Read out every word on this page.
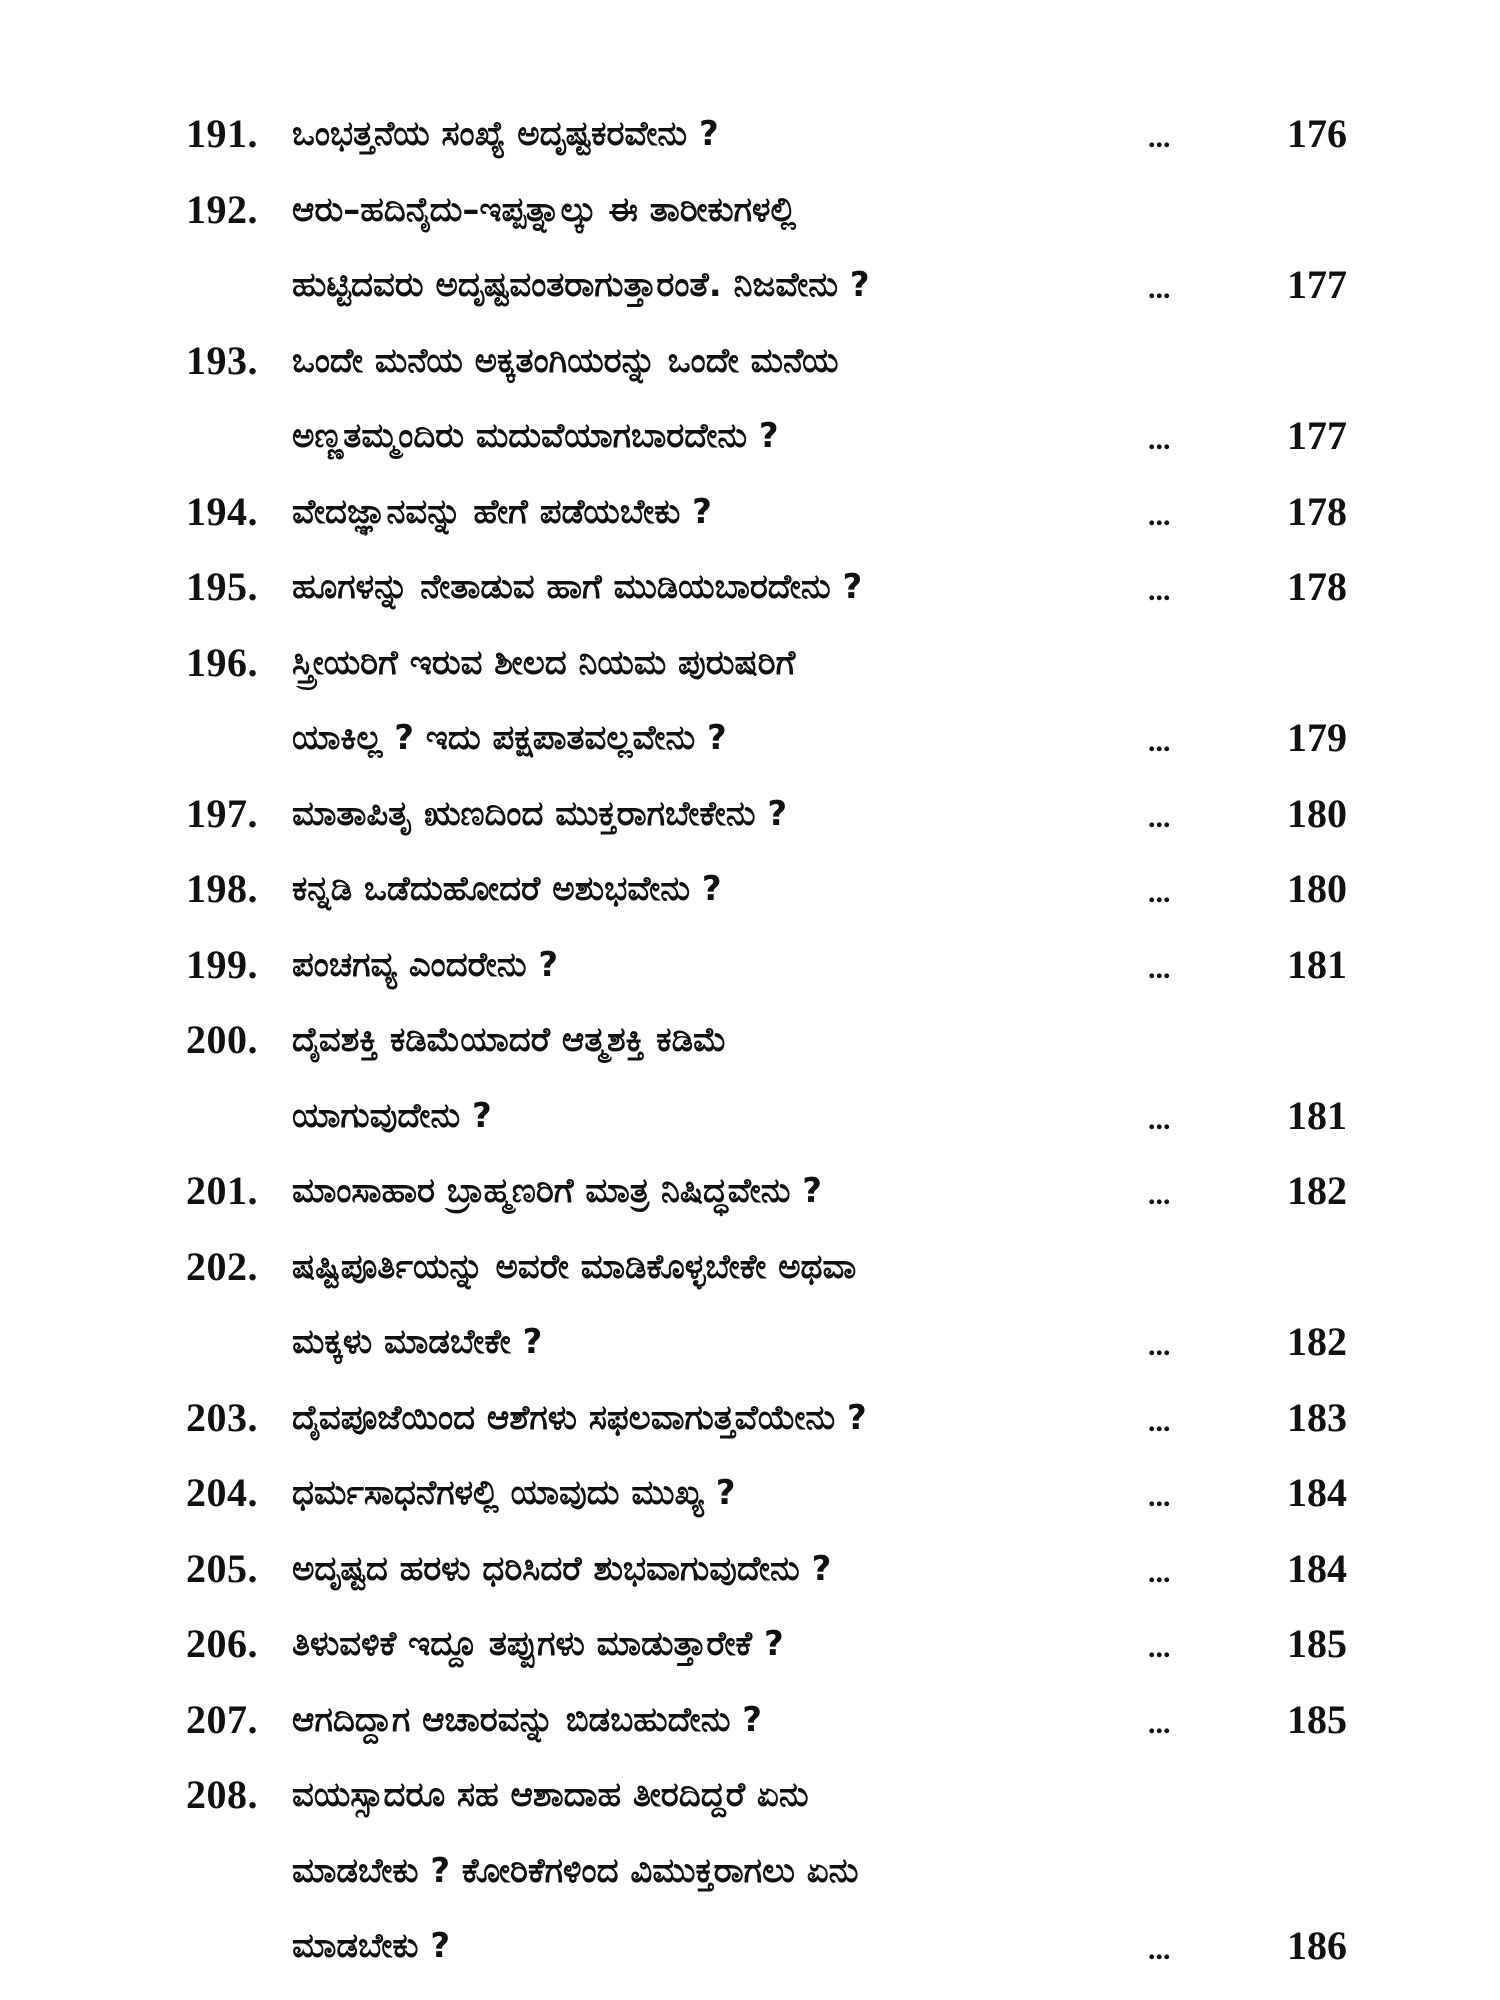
191. ಒಂಭತ್ತನೆಯ ಸಂಖ್ಯೆ ಅದೃಷ್ಟಕರವೇನು ?	...	176
192. ಆರು–ಹದಿನೈದು–ಇಪ್ಪತ್ನಾಲ್ಕು ಈ ತಾರೀಕುಗಳಲ್ಲಿ
ಹುಟ್ಟಿದವರು ಅದೃಷ್ಟವಂತರಾಗುತ್ತಾರಂತೆ. ನಿಜವೇನು ?	...	177
193. ಒಂದೇ ಮನೆಯ ಅಕ್ಕತಂಗಿಯರನ್ನು ಒಂದೇ ಮನೆಯ
ಅಣ್ಣತಮ್ಮಂದಿರು ಮದುವೆಯಾಗಬಾರದೇನು ?	...	177
194. ವೇದಜ್ಞಾನವನ್ನು ಹೇಗೆ ಪಡೆಯಬೇಕು ?	...	178
195. ಹೂಗಳನ್ನು ನೇತಾಡುವ ಹಾಗೆ ಮುಡಿಯಬಾರದೇನು ?	...	178
196. ಸ್ತ್ರೀಯರಿಗೆ ಇರುವ ಶೀಲದ ನಿಯಮ ಪುರುಷರಿಗೆ
ಯಾಕಿಲ್ಲ ? ಇದು ಪಕ್ಷಪಾತವಲ್ಲವೇನು ?	...	179
197. ಮಾತಾಪಿತೃ ಋಣದಿಂದ ಮುಕ್ತರಾಗಬೇಕೇನು ?	...	180
198. ಕನ್ನಡಿ ಒಡೆದುಹೋದರೆ ಅಶುಭವೇನು ?	...	180
199. ಪಂಚಗವ್ಯ ಎಂದರೇನು ?	...	181
200. ದೈವಶಕ್ತಿ ಕಡಿಮೆಯಾದರೆ ಆತ್ಮಶಕ್ತಿ ಕಡಿಮೆ
ಯಾಗುವುದೇನು ?	...	181
201. ಮಾಂಸಾಹಾರ ಬ್ರಾಹ್ಮಣರಿಗೆ ಮಾತ್ರ ನಿಷಿದ್ಧವೇನು ?	...	182
202. ಷಷ್ಟಿಪೂರ್ತಿಯನ್ನು ಅವರೇ ಮಾಡಿಕೊಳ್ಳಬೇಕೇ ಅಥವಾ
ಮಕ್ಕಳು ಮಾಡಬೇಕೇ ?	...	182
203. ದೈವಪೂಜೆಯಿಂದ ಆಶೆಗಳು ಸಫಲವಾಗುತ್ತವೆಯೇನು ?	...	183
204. ಧರ್ಮಸಾಧನೆಗಳಲ್ಲಿ ಯಾವುದು ಮುಖ್ಯ ?	...	184
205. ಅದೃಷ್ಟದ ಹರಳು ಧರಿಸಿದರೆ ಶುಭವಾಗುವುದೇನು ?	...	184
206. ತಿಳುವಳಿಕೆ ಇದ್ದೂ ತಪ್ಪುಗಳು ಮಾಡುತ್ತಾರೇಕೆ ?	...	185
207. ಆಗದಿದ್ದಾಗ ಆಚಾರವನ್ನು ಬಿಡಬಹುದೇನು ?	...	185
208. ವಯಸ್ಸಾದರೂ ಸಹ ಆಶಾದಾಹ ತೀರದಿದ್ದರೆ ಏನು
ಮಾಡಬೇಕು ? ಕೋರಿಕೆಗಳಿಂದ ವಿಮುಕ್ತರಾಗಲು ಏನು
ಮಾಡಬೇಕು ?	...	186
